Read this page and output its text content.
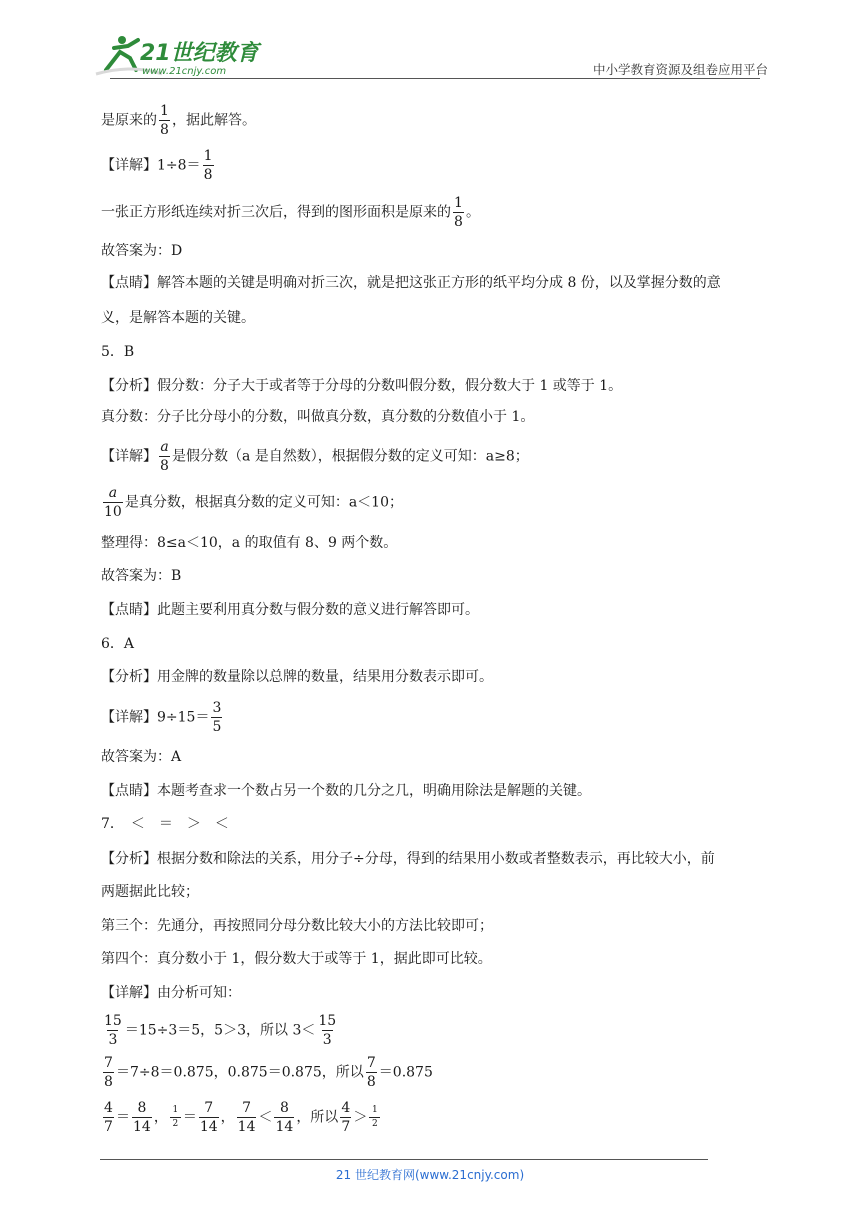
21世纪教育
www.21cnjy.com	中小学教育资源及组卷应用平台
是原来的 $\frac{1}{8}$ ，据此解答。
【详解】$1\div 8= \frac{1}{8}$
一张正方形纸连续对折三次后，得到的图形面积是原来的 $\frac{1}{8}$ 。
故答案为：D
【点睛】解答本题的关键是明确对折三次，就是把这张正方形的纸平均分成 8 份，以及掌握分数的意
义，是解答本题的关键。
5．B
【分析】假分数：分子大于或者等于分母的分数叫假分数，假分数大于 1 或等于 1。
真分数：分子比分母小的分数，叫做真分数，真分数的分数值小于 1。
【详解】 $\frac{a}{8}$ 是假分数（a 是自然数），根据假分数的定义可知：a≥8；
$\frac{a}{10}$ 是真分数，根据真分数的定义可知：a＜10；
整理得：8≤a＜10，a 的取值有 8、9 两个数。
故答案为：B
【点睛】此题主要利用真分数与假分数的意义进行解答即可。
6．A
【分析】用金牌的数量除以总牌的数量，结果用分数表示即可。
【详解】$9\div 15= \frac{3}{5}$
故答案为：A
【点睛】本题考查求一个数占另一个数的几分之几，明确用除法是解题的关键。
7．　＜　＝　＞　＜
【分析】根据分数和除法的关系，用分子÷分母，得到的结果用小数或者整数表示，再比较大小，前
两题据此比较；
第三个：先通分，再按照同分母分数比较大小的方法比较即可；
第四个：真分数小于 1，假分数大于或等于 1，据此即可比较。
【详解】由分析可知：
$\frac{15}{3} =15\div 3=5$，5＞3，所以 $3< \frac{15}{3}$
$\frac{7}{8} =7\div 8=0.875$，0.875＝0.875，所以 $\frac{7}{8} =0.875$
$\frac{4}{7} = \frac{8}{14}$ ， $\frac{1}{2} = \frac{7}{14}$ ， $\frac{7}{14} < \frac{8}{14}$ ，所以 $\frac{4}{7} > \frac{1}{2}$
21 世纪教育网(www.21cnjy.com)
